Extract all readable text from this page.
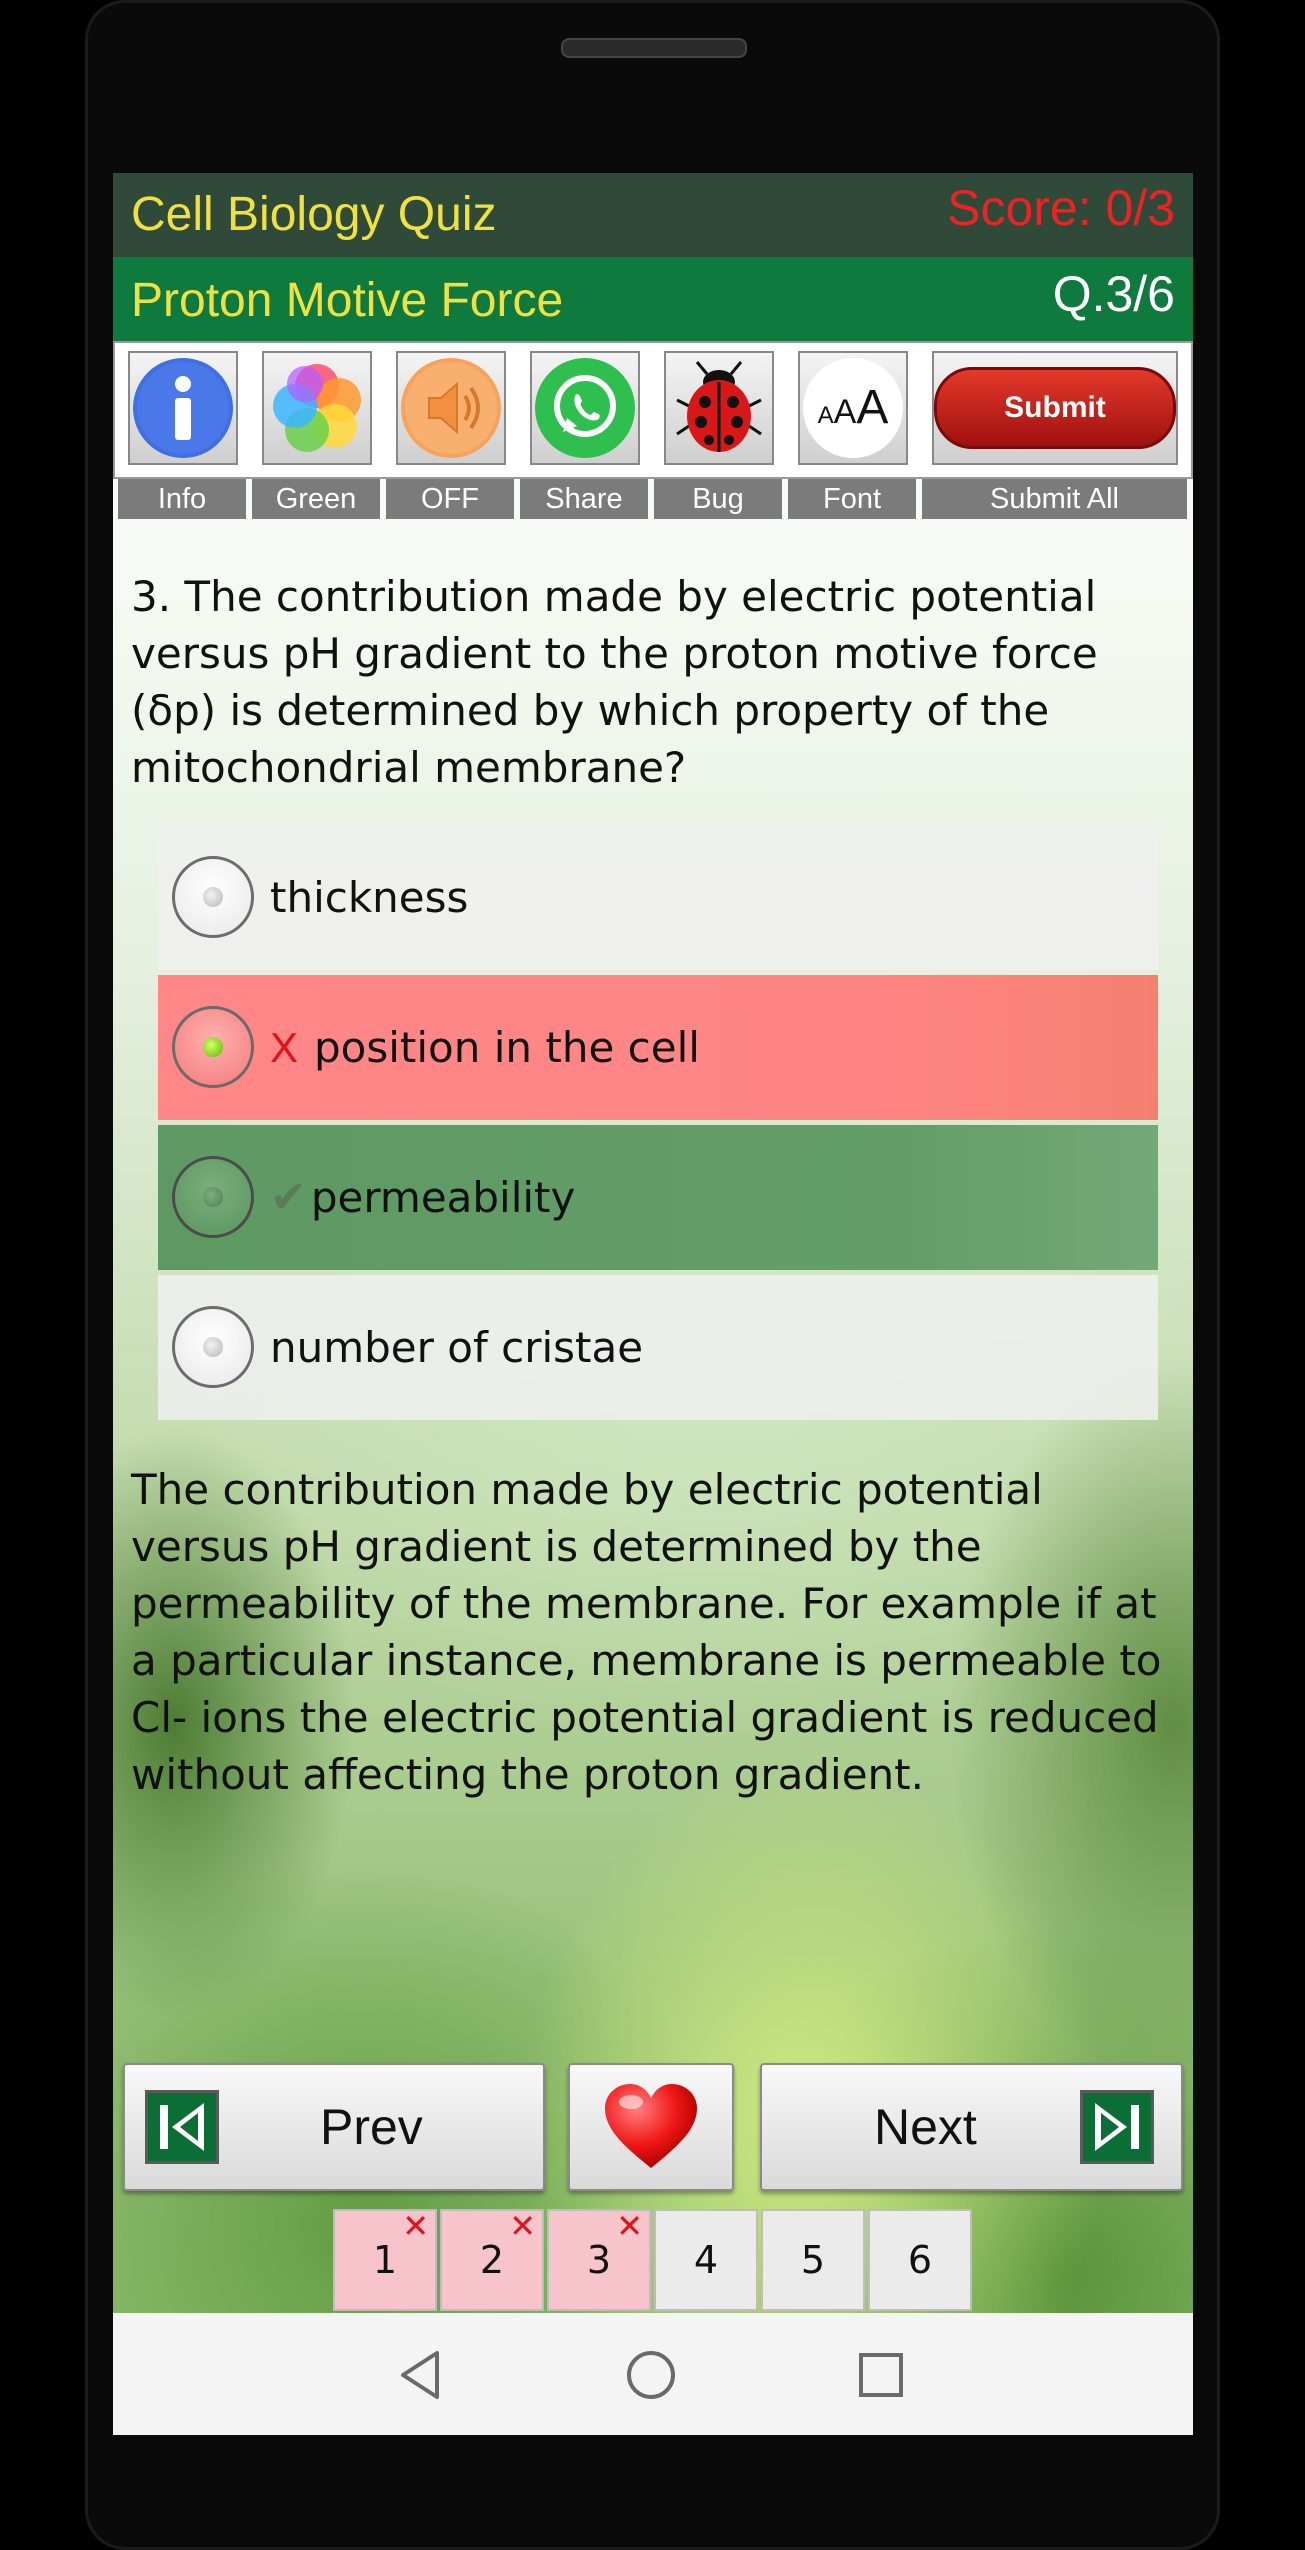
Cell Biology Quiz	Score: 0/3
Proton Motive Force	Q.3/6
A A A	Submit
Info	Green	OFF	Share	Bug	Font	Submit All
3. The contribution made by electric potential versus pH gradient to the proton motive force (δp) is determined by which property of the mitochondrial membrane?
thickness
X position in the cell
✔ permeability
number of cristae
The contribution made by electric potential versus pH gradient is determined by the permeability of the membrane. For example if at a particular instance, membrane is permeable to Cl- ions the electric potential gradient is reduced without affecting the proton gradient.
Prev	Next
1
✕
2
✕
3
✕
4 5 6
